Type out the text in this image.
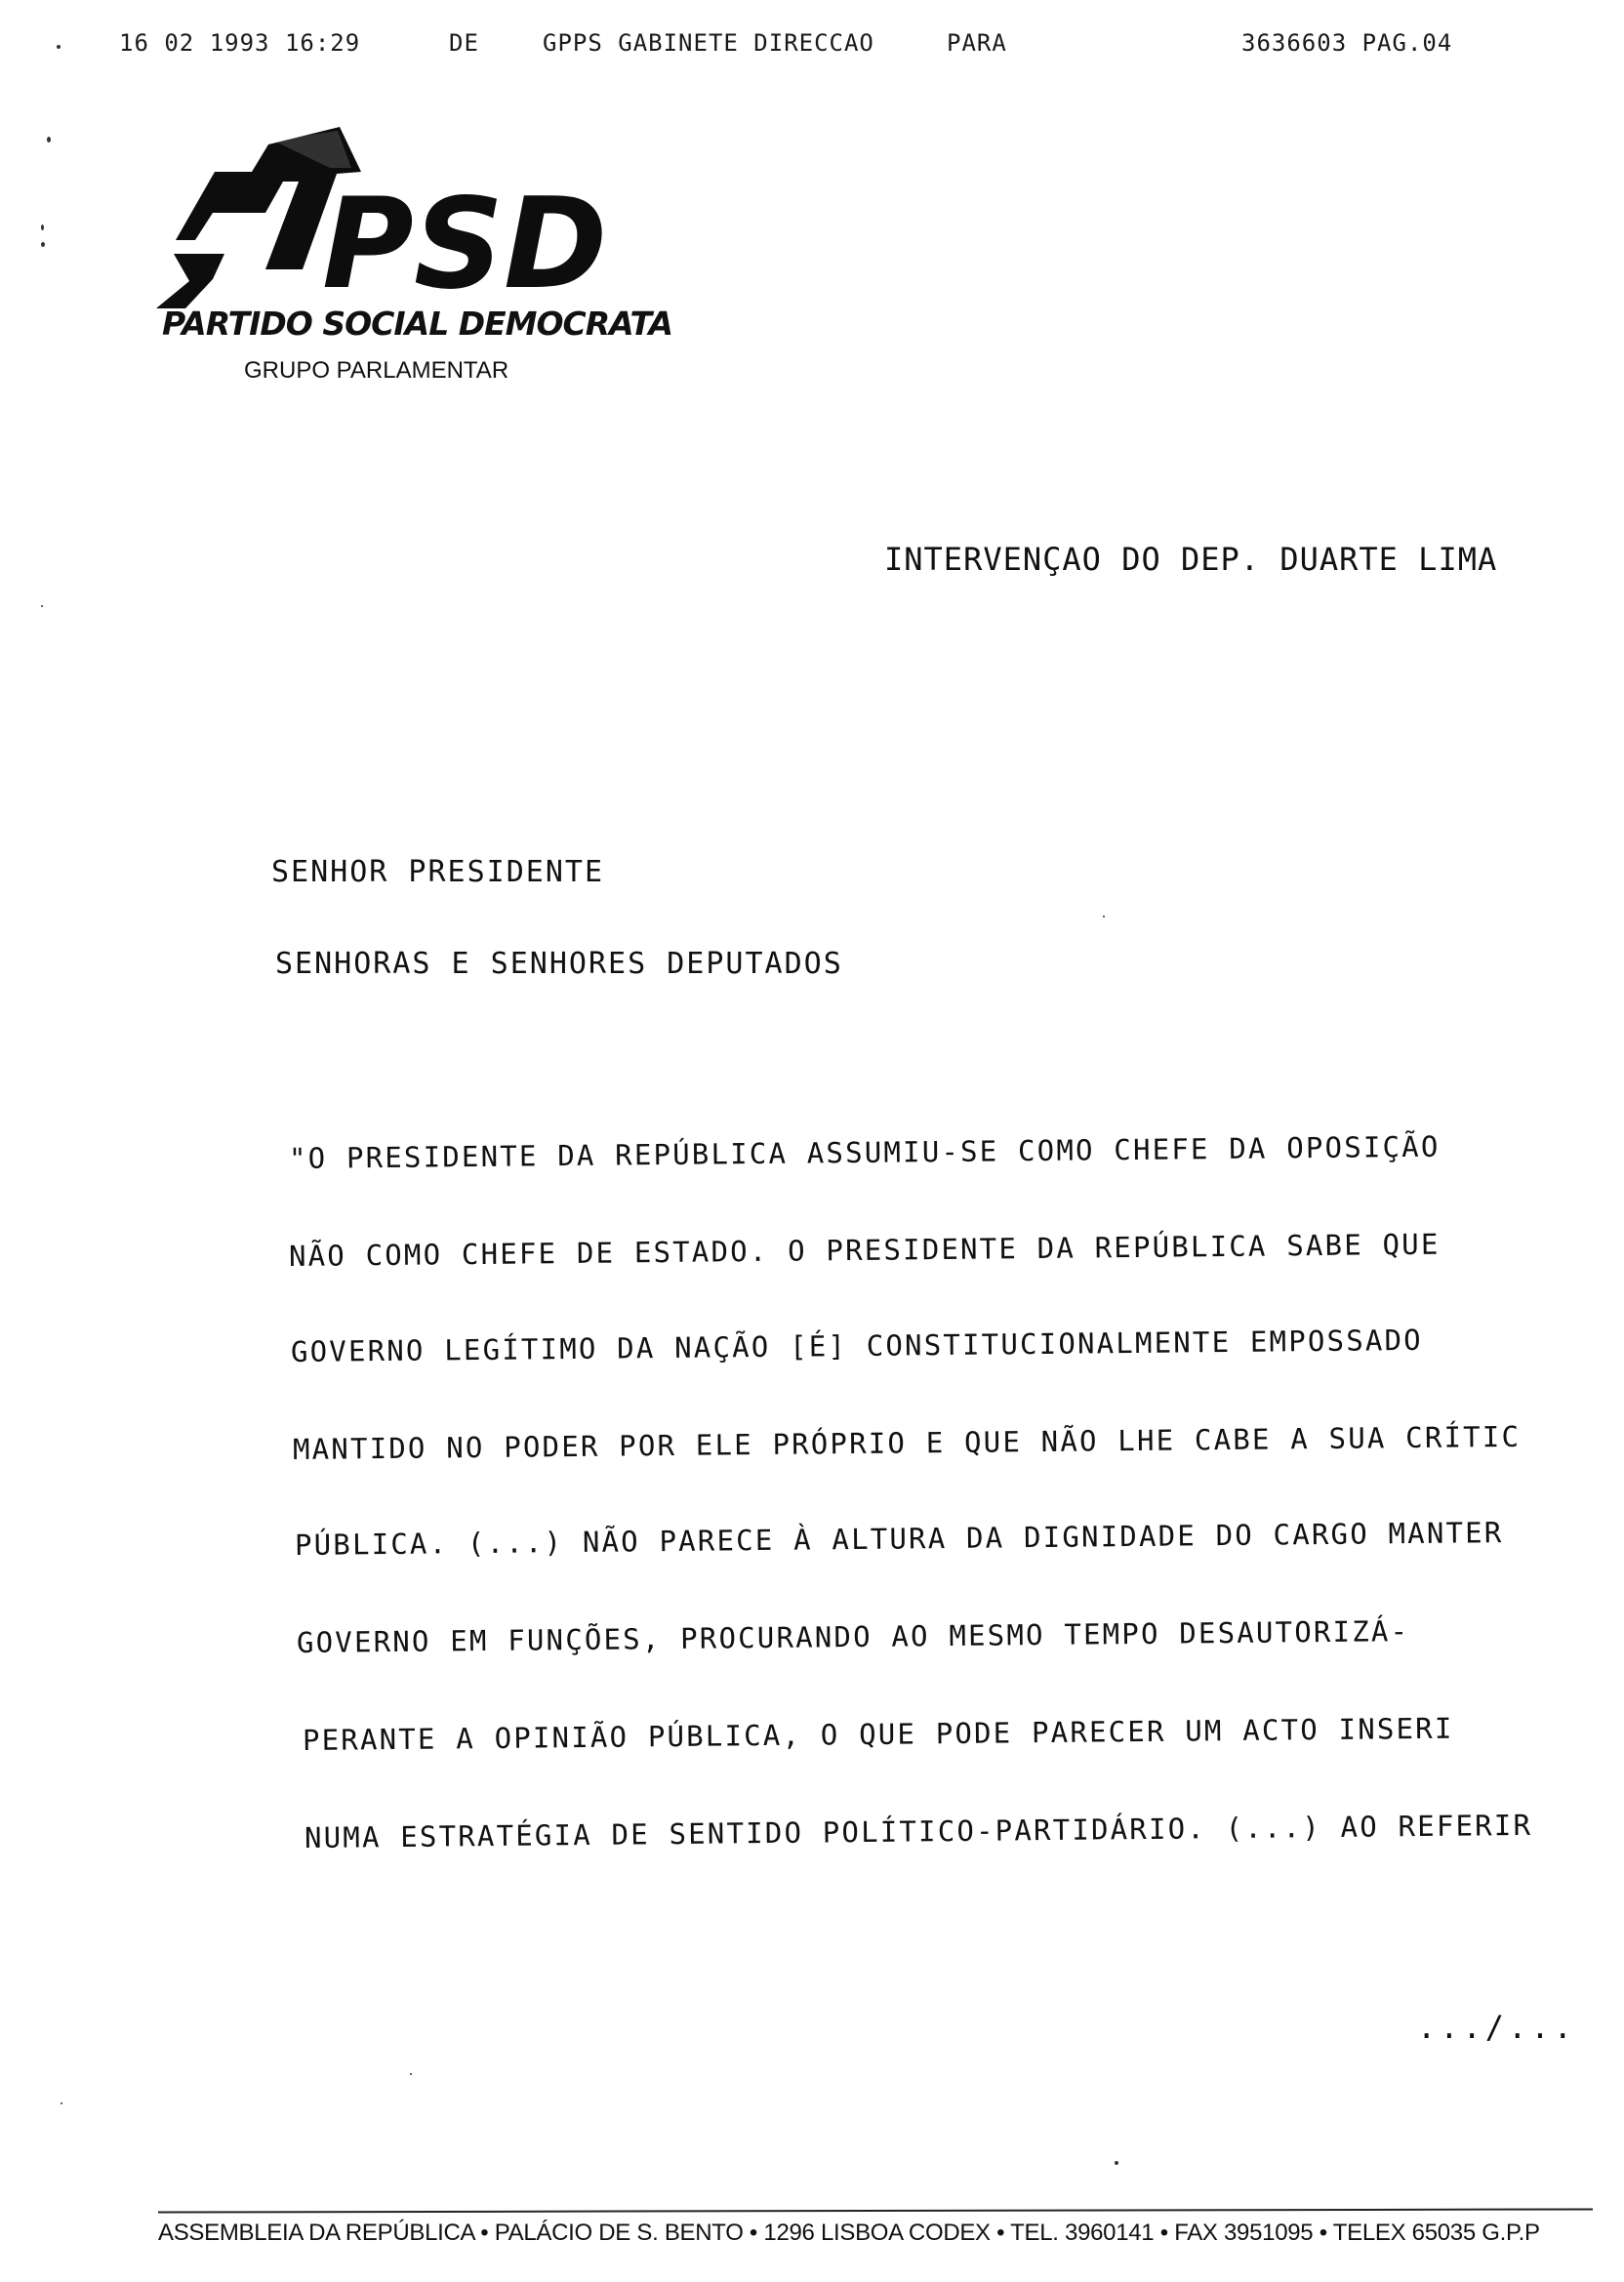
16 02 1993 16:29	DE	GPPS GABINETE DIRECCAO	PARA	3636603 PAG.04
PSD
PARTIDO SOCIAL DEMOCRATA
GRUPO PARLAMENTAR
INTERVENÇAO DO DEP. DUARTE LIMA
SENHOR PRESIDENTE
SENHORAS E SENHORES DEPUTADOS
"O PRESIDENTE DA REPÚBLICA ASSUMIU-SE COMO CHEFE DA OPOSIÇÃO
NÃO COMO CHEFE DE ESTADO. O PRESIDENTE DA REPÚBLICA SABE QUE
GOVERNO LEGÍTIMO DA NAÇÃO [É] CONSTITUCIONALMENTE EMPOSSADO
MANTIDO NO PODER POR ELE PRÓPRIO E QUE NÃO LHE CABE A SUA CRÍTIC
PÚBLICA. (...) NÃO PARECE À ALTURA DA DIGNIDADE DO CARGO MANTER
GOVERNO EM FUNÇÕES, PROCURANDO AO MESMO TEMPO DESAUTORIZÁ-
PERANTE A OPINIÃO PÚBLICA, O QUE PODE PARECER UM ACTO INSERI
NUMA ESTRATÉGIA DE SENTIDO POLÍTICO-PARTIDÁRIO. (...) AO REFERIR
.../...
ASSEMBLEIA DA REPÚBLICA • PALÁCIO DE S. BENTO • 1296 LISBOA CODEX • TEL. 3960141 • FAX 3951095 • TELEX 65035 G.P.P
